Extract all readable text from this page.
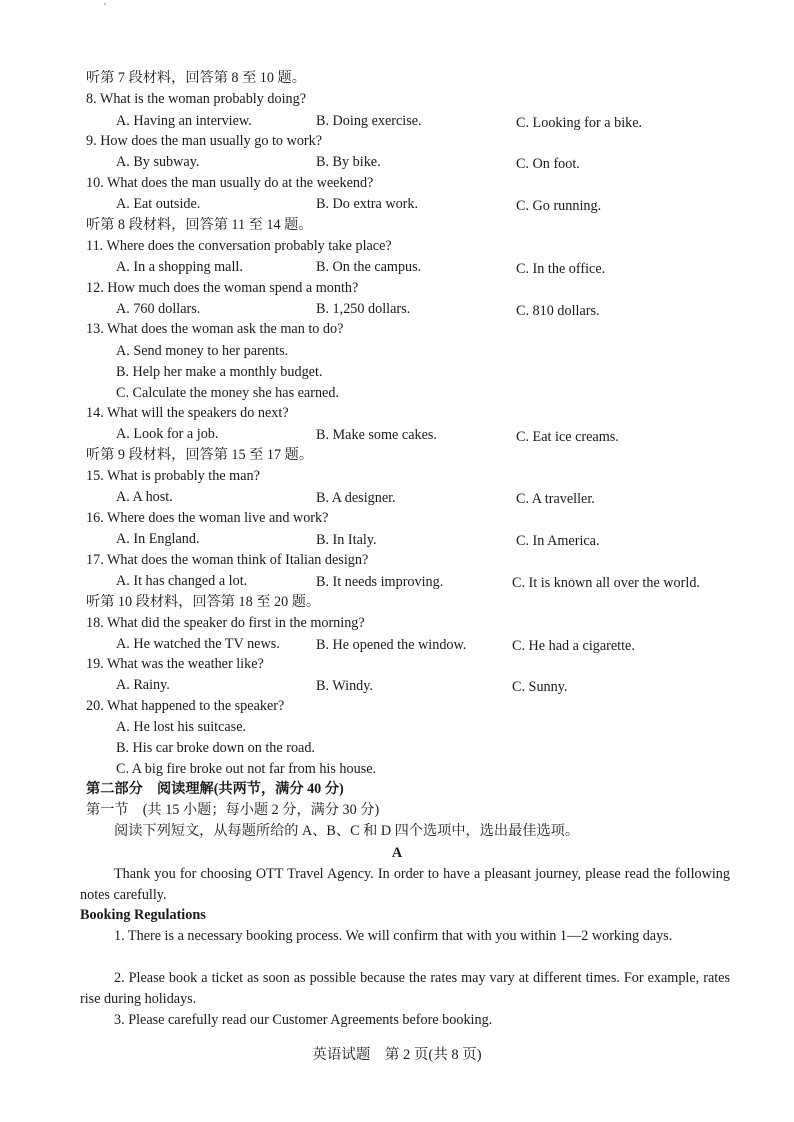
'
听第 7 段材料，回答第 8 至 10 题。
8. What is the woman probably doing?
A. Having an interview.	B. Doing exercise.	C. Looking for a bike.
9. How does the man usually go to work?
A. By subway.	B. By bike.	C. On foot.
10. What does the man usually do at the weekend?
A. Eat outside.	B. Do extra work.	C. Go running.
听第 8 段材料，回答第 11 至 14 题。
11. Where does the conversation probably take place?
A. In a shopping mall.	B. On the campus.	C. In the office.
12. How much does the woman spend a month?
A. 760 dollars.	B. 1,250 dollars.	C. 810 dollars.
13. What does the woman ask the man to do?
A. Send money to her parents.
B. Help her make a monthly budget.
C. Calculate the money she has earned.
14. What will the speakers do next?
A. Look for a job.	B. Make some cakes.	C. Eat ice creams.
听第 9 段材料，回答第 15 至 17 题。
15. What is probably the man?
A. A host.	B. A designer.	C. A traveller.
16. Where does the woman live and work?
A. In England.	B. In Italy.	C. In America.
17. What does the woman think of Italian design?
A. It has changed a lot.	B. It needs improving.	C. It is known all over the world.
听第 10 段材料，回答第 18 至 20 题。
18. What did the speaker do first in the morning?
A. He watched the TV news.	B. He opened the window.	C. He had a cigarette.
19. What was the weather like?
A. Rainy.	B. Windy.	C. Sunny.
20. What happened to the speaker?
A. He lost his suitcase.
B. His car broke down on the road.
C. A big fire broke out not far from his house.
第二部分　阅读理解(共两节，满分 40 分)
第一节　(共 15 小题；每小题 2 分，满分 30 分)
阅读下列短文，从每题所给的 A、B、C 和 D 四个选项中，选出最佳选项。
A
Thank you for choosing OTT Travel Agency. In order to have a pleasant journey, please read the following notes carefully.
Booking Regulations
1. There is a necessary booking process. We will confirm that with you within 1—2 working days.
2. Please book a ticket as soon as possible because the rates may vary at different times. For example, rates rise during holidays.
3. Please carefully read our Customer Agreements before booking.
英语试题　第 2 页(共 8 页)
